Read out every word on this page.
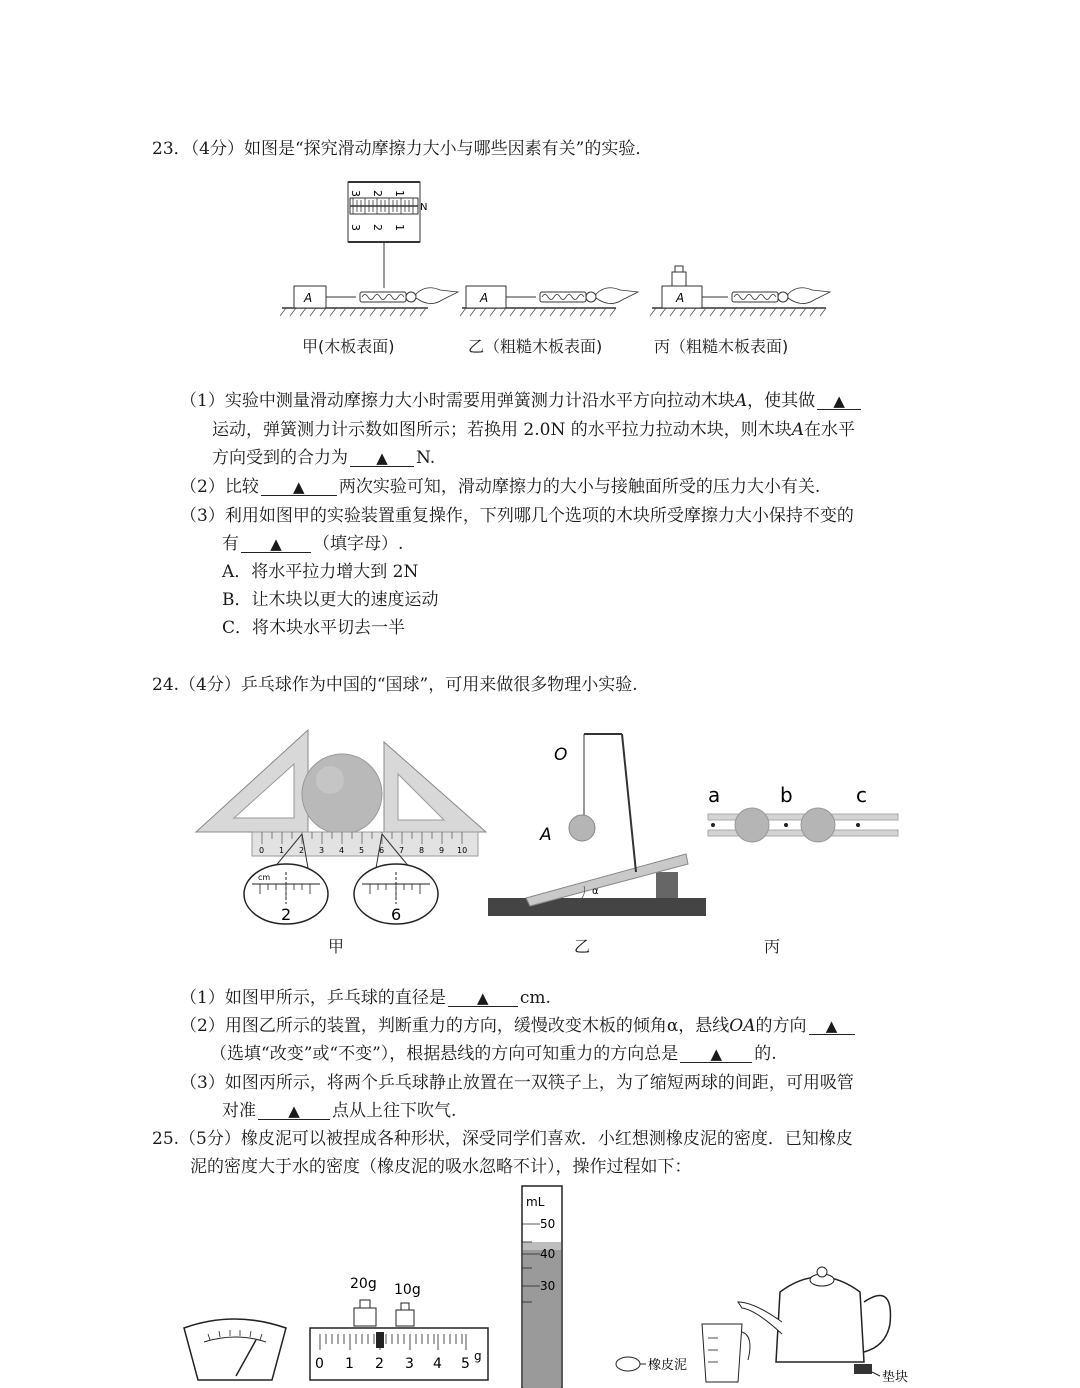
23．（4分）如图是“探究滑动摩擦力大小与哪些因素有关”的实验．
3 2 1
3 2 1
N
A	A	A
甲(木板表面)	乙（粗糙木板表面)	丙（粗糙木板表面)
（1）实验中测量滑动摩擦力大小时需要用弹簧测力计沿水平方向拉动木块A，使其做 ▲
运动，弹簧测力计示数如图所示；若换用 2.0N 的水平拉力拉动木块，则木块A在水平
方向受到的合力为 ▲ N.
（2）比较 ▲ 两次实验可知，滑动摩擦力的大小与接触面所受的压力大小有关.
（3）利用如图甲的实验装置重复操作，下列哪几个选项的木块所受摩擦力大小保持不变的
有 ▲ （填字母）.
A．将水平拉力增大到 2N
B．让木块以更大的速度运动
C．将木块水平切去一半
24.（4分）乒乓球作为中国的“国球”，可用来做很多物理小实验.
0 1 2 3 4 5 6 7 8 9 10
cm
2	6
O
A
α
a	b	c
甲	乙	丙
（1）如图甲所示，乒乓球的直径是 ▲ cm.
（2）用图乙所示的装置，判断重力的方向，缓慢改变木板的倾角α，悬线OA的方向 ▲
（选填“改变”或“不变”），根据悬线的方向可知重力的方向总是 ▲ 的.
（3）如图丙所示，将两个乒乓球静止放置在一双筷子上，为了缩短两球的间距，可用吸管
对准 ▲ 点从上往下吹气.
25.（5分）橡皮泥可以被捏成各种形状，深受同学们喜欢．小红想测橡皮泥的密度．已知橡皮
泥的密度大于水的密度（橡皮泥的吸水忽略不计），操作过程如下：
20g 10g
0 1 2 3 4 5 g
mL
50
40
30
橡皮泥
垫块
